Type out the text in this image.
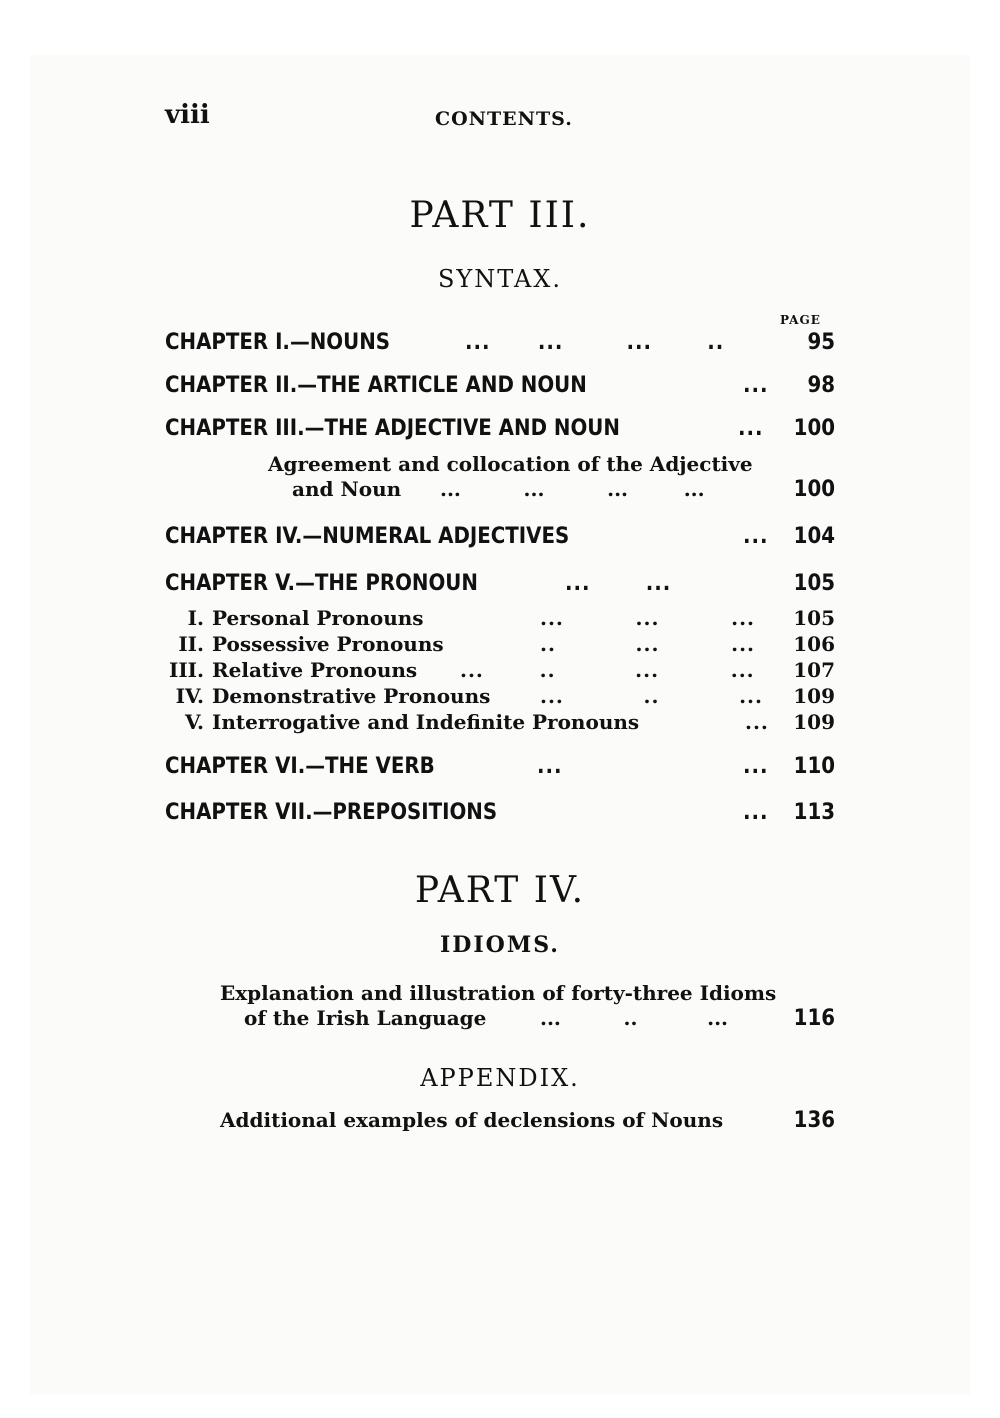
viii	CONTENTS.
PART III.
SYNTAX.
PAGE
CHAPTER I.—NOUNS	...      ...        ...       ..	95
CHAPTER II.—THE ARTICLE AND NOUN	... 98
CHAPTER III.—THE ADJECTIVE AND NOUN	... 100
Agreement and collocation of the Adjective
and Noun ...         ...         ...        ...	100
CHAPTER IV.—NUMERAL ADJECTIVES	... 104
CHAPTER V.—THE PRONOUN	...       ...	105
I. Personal Pronouns	...         ...         ... 105
II. Possessive Pronouns	..          ...         ... 106
III. Relative Pronouns ...       ..          ...         ... 107
IV. Demonstrative Pronouns ...          ..          ... 109
V. Interrogative and Indefinite Pronouns	... 109
CHAPTER VI.—THE VERB	...	... 110
CHAPTER VII.—PREPOSITIONS	... 113
PART IV.
IDIOMS.
Explanation and illustration of forty-three Idioms
of the Irish Language	...         ..          ...	116
APPENDIX.
Additional examples of declensions of Nouns	136
